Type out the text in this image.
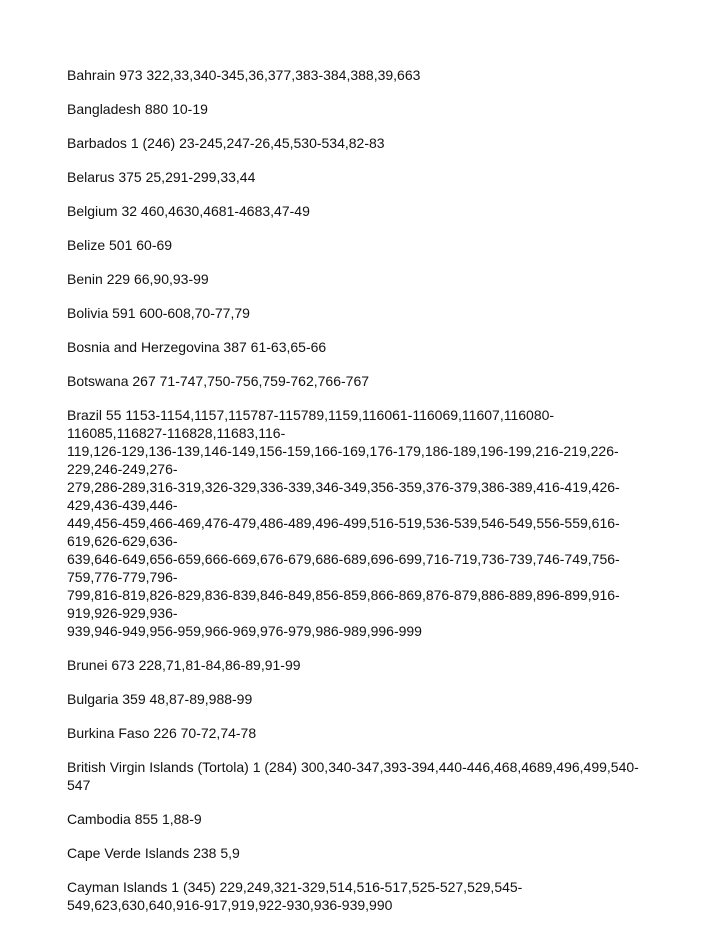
Bahrain 973 322,33,340-345,36,377,383-384,388,39,663

Bangladesh 880 10-19

Barbados 1 (246) 23-245,247-26,45,530-534,82-83

Belarus 375 25,291-299,33,44

Belgium 32 460,4630,4681-4683,47-49

Belize 501 60-69

Benin 229 66,90,93-99

Bolivia 591 600-608,70-77,79

Bosnia and Herzegovina 387 61-63,65-66

Botswana 267 71-747,750-756,759-762,766-767

Brazil 55 1153-1154,1157,115787-115789,1159,116061-116069,11607,116080-
116085,116827-116828,11683,116-
119,126-129,136-139,146-149,156-159,166-169,176-179,186-189,196-199,216-219,226-
229,246-249,276-
279,286-289,316-319,326-329,336-339,346-349,356-359,376-379,386-389,416-419,426-
429,436-439,446-
449,456-459,466-469,476-479,486-489,496-499,516-519,536-539,546-549,556-559,616-
619,626-629,636-
639,646-649,656-659,666-669,676-679,686-689,696-699,716-719,736-739,746-749,756-
759,776-779,796-
799,816-819,826-829,836-839,846-849,856-859,866-869,876-879,886-889,896-899,916-
919,926-929,936-
939,946-949,956-959,966-969,976-979,986-989,996-999

Brunei 673 228,71,81-84,86-89,91-99

Bulgaria 359 48,87-89,988-99

Burkina Faso 226 70-72,74-78

British Virgin Islands (Tortola) 1 (284) 300,340-347,393-394,440-446,468,4689,496,499,540-
547

Cambodia 855 1,88-9

Cape Verde Islands 238 5,9

Cayman Islands 1 (345) 229,249,321-329,514,516-517,525-527,529,545-
549,623,630,640,916-917,919,922-930,936-939,990
